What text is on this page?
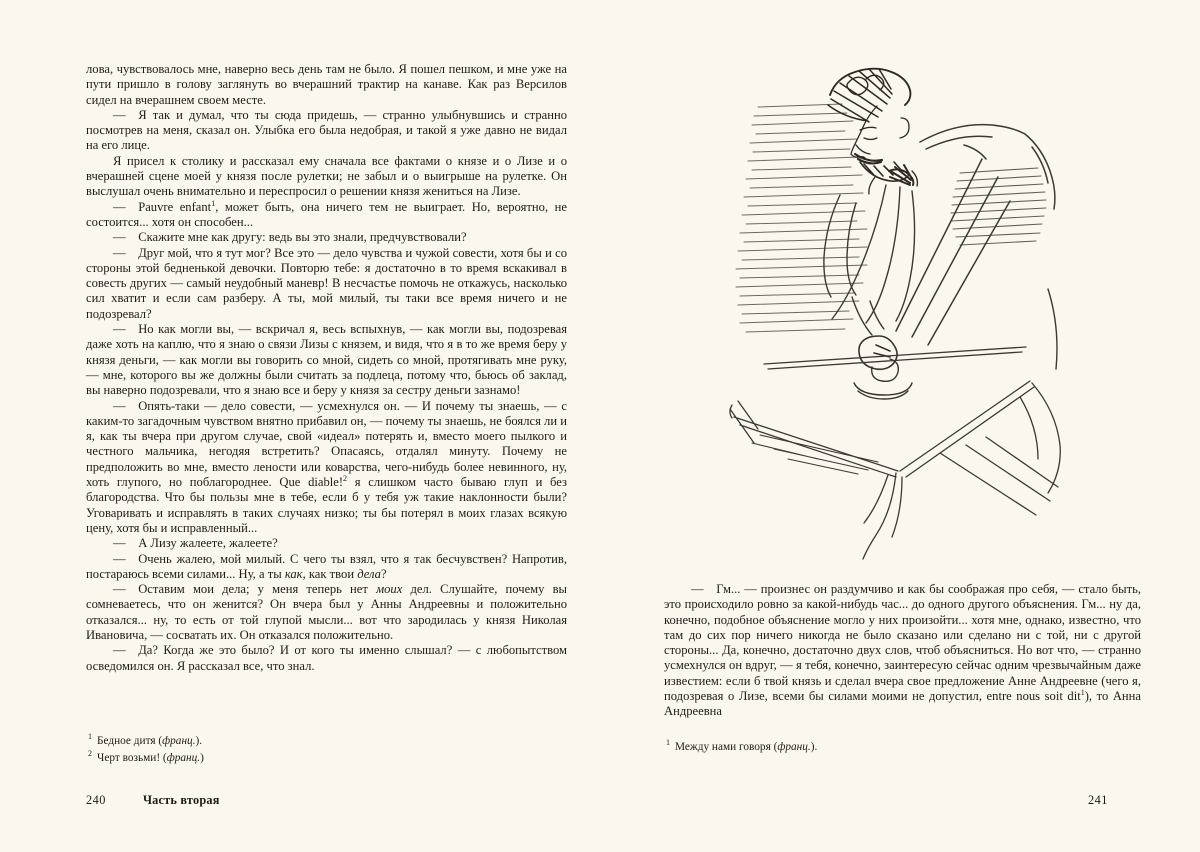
лова, чувствовалось мне, наверно весь день там не было. Я пошел пешком, и мне уже на пути пришло в голову заглянуть во вчерашний трактир на канаве. Как раз Версилов сидел на вчерашнем своем месте.

— Я так и думал, что ты сюда придешь, — странно улыбнувшись и странно посмотрев на меня, сказал он. Улыбка его была недобрая, и такой я уже давно не видал на его лице.

Я присел к столику и рассказал ему сначала все фактами о князе и о Лизе и о вчерашней сцене моей у князя после рулетки; не забыл и о выигрыше на рулетке. Он выслушал очень внимательно и переспросил о решении князя жениться на Лизе.

— Pauvre enfant$^1$, может быть, она ничего тем не выиграет. Но, вероятно, не состоится... хотя он способен...

— Скажите мне как другу: ведь вы это знали, предчувствовали?

— Друг мой, что я тут мог? Все это — дело чувства и чужой совести, хотя бы и со стороны этой бедненькой девочки. Повторю тебе: я достаточно в то время вскакивал в совесть других — самый неудобный маневр! В несчастье помочь не откажусь, насколько сил хватит и если сам разберу. А ты, мой милый, ты таки все время ничего и не подозревал?

— Но как могли вы, — вскричал я, весь вспыхнув, — как могли вы, подозревая даже хоть на каплю, что я знаю о связи Лизы с князем, и видя, что я в то же время беру у князя деньги, — как могли вы говорить со мной, сидеть со мной, протягивать мне руку, — мне, которого вы же должны были считать за подлеца, потому что, бьюсь об заклад, вы наверно подозревали, что я знаю все и беру у князя за сестру деньги зазнамо!

— Опять-таки — дело совести, — усмехнулся он. — И почему ты знаешь, — с каким-то загадочным чувством внятно прибавил он, — почему ты знаешь, не боялся ли и я, как ты вчера при другом случае, свой «идеал» потерять и, вместо моего пылкого и честного мальчика, негодяя встретить? Опасаясь, отдалял минуту. Почему не предположить во мне, вместо лености или коварства, чего-нибудь более невинного, ну, хоть глупого, но поблагороднее. Que diable!$^2$ я слишком часто бываю глуп и без благородства. Что бы пользы мне в тебе, если б у тебя уж такие наклонности были? Уговаривать и исправлять в таких случаях низко; ты бы потерял в моих глазах всякую цену, хотя бы и исправленный...

— А Лизу жалеете, жалеете?

— Очень жалею, мой милый. С чего ты взял, что я так бесчувствен? Напротив, постараюсь всеми силами... Ну, а ты как, как твои дела?

— Оставим мои дела; у меня теперь нет моих дел. Слушайте, почему вы сомневаетесь, что он женится? Он вчера был у Анны Андреевны и положительно отказался... ну, то есть от той глупой мысли... вот что зародилась у князя Николая Ивановича, — сосватать их. Он отказался положительно.

— Да? Когда же это было? И от кого ты именно слышал? — с любопытством осведомился он. Я рассказал все, что знал.

$^1$ Бедное дитя (франц.).

$^2$ Черт возьми! (франц.)

240	Часть вторая

— Гм... — произнес он раздумчиво и как бы соображая про себя, — стало быть, это происходило ровно за какой-нибудь час... до одного другого объяснения. Гм... ну да, конечно, подобное объяснение могло у них произойти... хотя мне, однако, известно, что там до сих пор ничего никогда не было сказано или сделано ни с той, ни с другой стороны... Да, конечно, достаточно двух слов, чтоб объясниться. Но вот что, — странно усмехнулся он вдруг, — я тебя, конечно, заинтересую сейчас одним чрезвычайным даже известием: если б твой князь и сделал вчера свое предложение Анне Андреевне (чего я, подозревая о Лизе, всеми бы силами моими не допустил, entre nous soit dit$^1$), то Анна Андреевна

$^1$ Между нами говоря (франц.).

241
